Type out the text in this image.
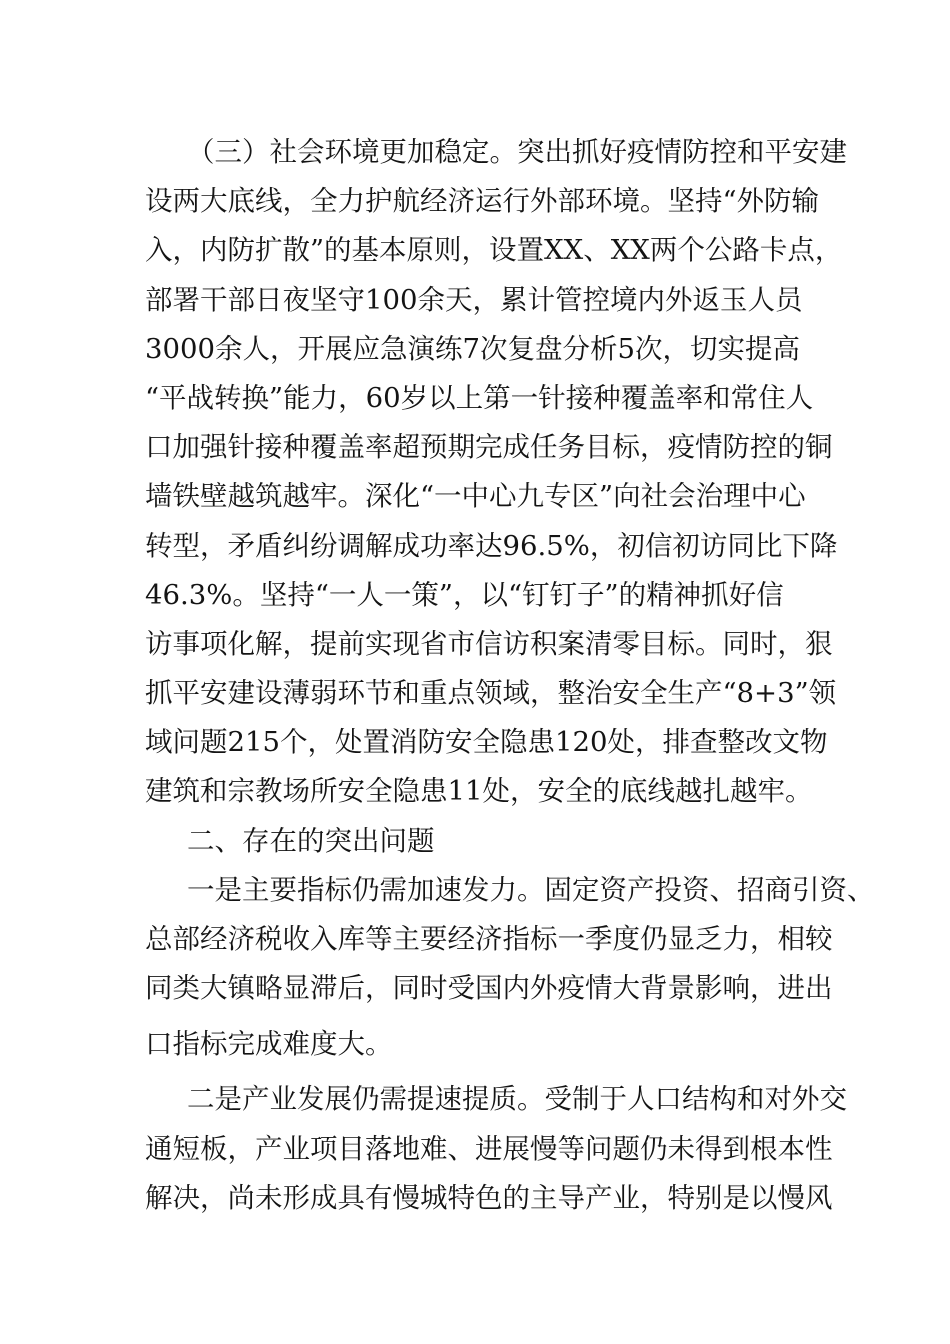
（三）社会环境更加稳定。突出抓好疫情防控和平安建
设两大底线，全力护航经济运行外部环境。坚持“外防输
入，内防扩散”的基本原则，设置XX、XX两个公路卡点，
部署干部日夜坚守100余天，累计管控境内外返玉人员
3000余人，开展应急演练7次复盘分析5次，切实提高
“平战转换”能力，60岁以上第一针接种覆盖率和常住人
口加强针接种覆盖率超预期完成任务目标，疫情防控的铜
墙铁壁越筑越牢。深化“一中心九专区”向社会治理中心
转型，矛盾纠纷调解成功率达96.5%，初信初访同比下降
46.3%。坚持“一人一策”，以“钉钉子”的精神抓好信
访事项化解，提前实现省市信访积案清零目标。同时，狠
抓平安建设薄弱环节和重点领域，整治安全生产“8+3”领
域问题215个，处置消防安全隐患120处，排查整改文物
建筑和宗教场所安全隐患11处，安全的底线越扎越牢。
二、存在的突出问题
一是主要指标仍需加速发力。固定资产投资、招商引资、
总部经济税收入库等主要经济指标一季度仍显乏力，相较
同类大镇略显滞后，同时受国内外疫情大背景影响，进出
口指标完成难度大。
二是产业发展仍需提速提质。受制于人口结构和对外交
通短板，产业项目落地难、进展慢等问题仍未得到根本性
解决，尚未形成具有慢城特色的主导产业，特别是以慢风
